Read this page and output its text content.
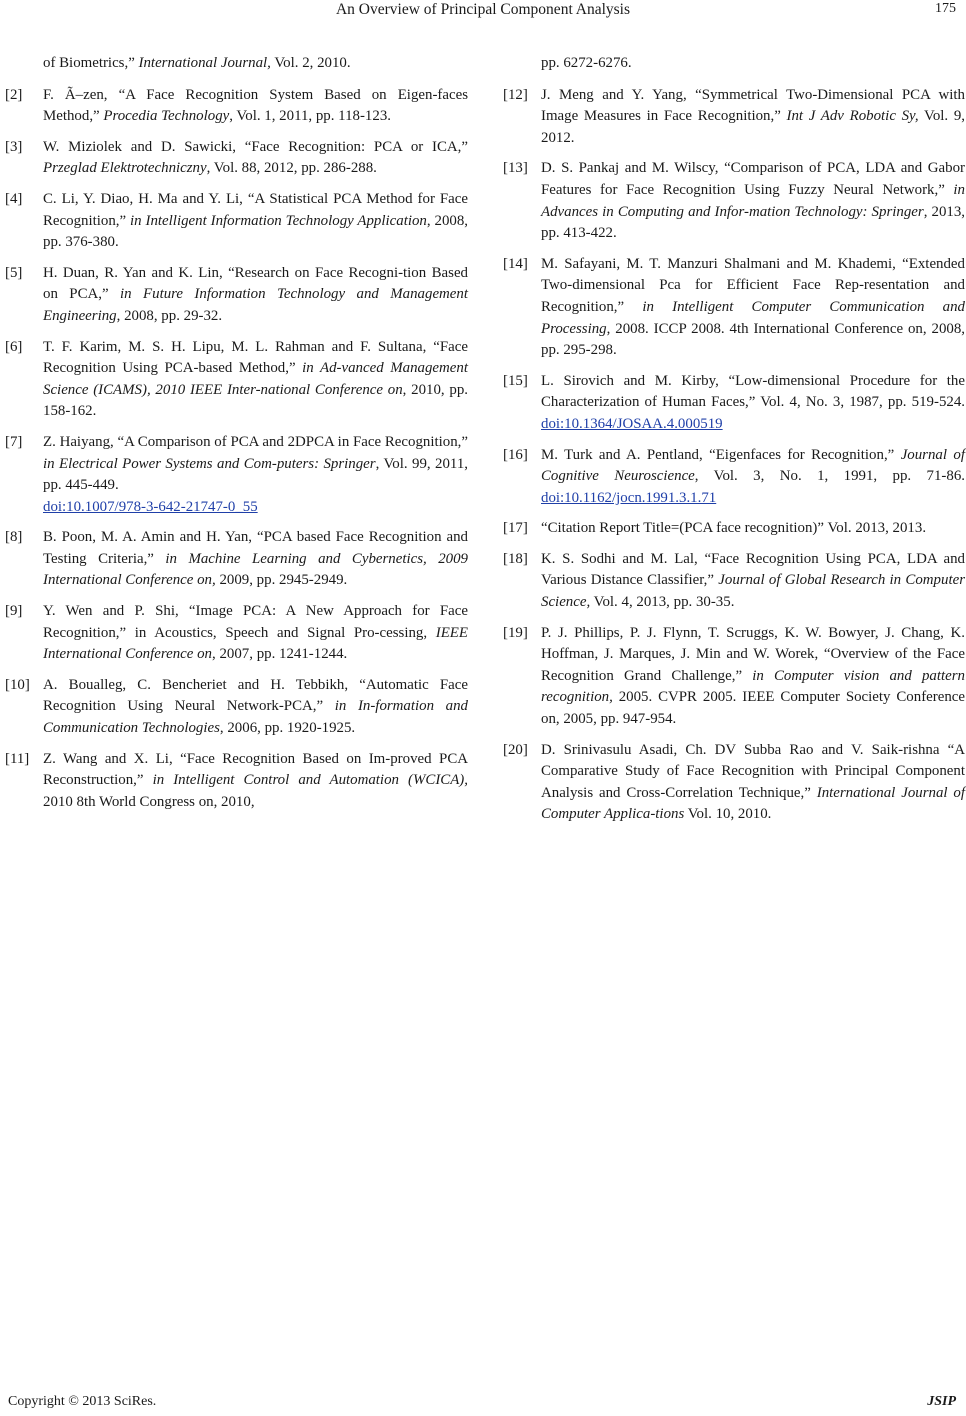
An Overview of Principal Component Analysis	175
of Biometrics,” International Journal, Vol. 2, 2010.
[2] F. Ã–zen, “A Face Recognition System Based on Eigen-faces Method,” Procedia Technology, Vol. 1, 2011, pp. 118-123.
[3] W. Miziolek and D. Sawicki, “Face Recognition: PCA or ICA,” Przeglad Elektrotechniczny, Vol. 88, 2012, pp. 286-288.
[4] C. Li, Y. Diao, H. Ma and Y. Li, “A Statistical PCA Method for Face Recognition,” in Intelligent Information Technology Application, 2008, pp. 376-380.
[5] H. Duan, R. Yan and K. Lin, “Research on Face Recogni-tion Based on PCA,” in Future Information Technology and Management Engineering, 2008, pp. 29-32.
[6] T. F. Karim, M. S. H. Lipu, M. L. Rahman and F. Sultana, “Face Recognition Using PCA-based Method,” in Ad-vanced Management Science (ICAMS), 2010 IEEE Inter-national Conference on, 2010, pp. 158-162.
[7] Z. Haiyang, “A Comparison of PCA and 2DPCA in Face Recognition,” in Electrical Power Systems and Com-puters: Springer, Vol. 99, 2011, pp. 445-449.
doi:10.1007/978-3-642-21747-0_55
[8] B. Poon, M. A. Amin and H. Yan, “PCA based Face Recognition and Testing Criteria,” in Machine Learning and Cybernetics, 2009 International Conference on, 2009, pp. 2945-2949.
[9] Y. Wen and P. Shi, “Image PCA: A New Approach for Face Recognition,” in Acoustics, Speech and Signal Pro-cessing, IEEE International Conference on, 2007, pp. 1241-1244.
[10] A. Boualleg, C. Bencheriet and H. Tebbikh, “Automatic Face Recognition Using Neural Network-PCA,” in In-formation and Communication Technologies, 2006, pp. 1920-1925.
[11] Z. Wang and X. Li, “Face Recognition Based on Im-proved PCA Reconstruction,” in Intelligent Control and Automation (WCICA), 2010 8th World Congress on, 2010,
pp. 6272-6276.
[12] J. Meng and Y. Yang, “Symmetrical Two-Dimensional PCA with Image Measures in Face Recognition,” Int J Adv Robotic Sy, Vol. 9, 2012.
[13] D. S. Pankaj and M. Wilscy, “Comparison of PCA, LDA and Gabor Features for Face Recognition Using Fuzzy Neural Network,” in Advances in Computing and Infor-mation Technology: Springer, 2013, pp. 413-422.
[14] M. Safayani, M. T. Manzuri Shalmani and M. Khademi, “Extended Two-dimensional Pca for Efficient Face Rep-resentation and Recognition,” in Intelligent Computer Communication and Processing, 2008. ICCP 2008. 4th International Conference on, 2008, pp. 295-298.
[15] L. Sirovich and M. Kirby, “Low-dimensional Procedure for the Characterization of Human Faces,” Vol. 4, No. 3, 1987, pp. 519-524. doi:10.1364/JOSAA.4.000519
[16] M. Turk and A. Pentland, “Eigenfaces for Recognition,” Journal of Cognitive Neuroscience, Vol. 3, No. 1, 1991, pp. 71-86. doi:10.1162/jocn.1991.3.1.71
[17] “Citation Report Title=(PCA face recognition)” Vol. 2013, 2013.
[18] K. S. Sodhi and M. Lal, “Face Recognition Using PCA, LDA and Various Distance Classifier,” Journal of Global Research in Computer Science, Vol. 4, 2013, pp. 30-35.
[19] P. J. Phillips, P. J. Flynn, T. Scruggs, K. W. Bowyer, J. Chang, K. Hoffman, J. Marques, J. Min and W. Worek, “Overview of the Face Recognition Grand Challenge,” in Computer vision and pattern recognition, 2005. CVPR 2005. IEEE Computer Society Conference on, 2005, pp. 947-954.
[20] D. Srinivasulu Asadi, Ch. DV Subba Rao and V. Saik-rishna “A Comparative Study of Face Recognition with Principal Component Analysis and Cross-Correlation Technique,” International Journal of Computer Applica-tions Vol. 10, 2010.
Copyright © 2013 SciRes.	JSIP
